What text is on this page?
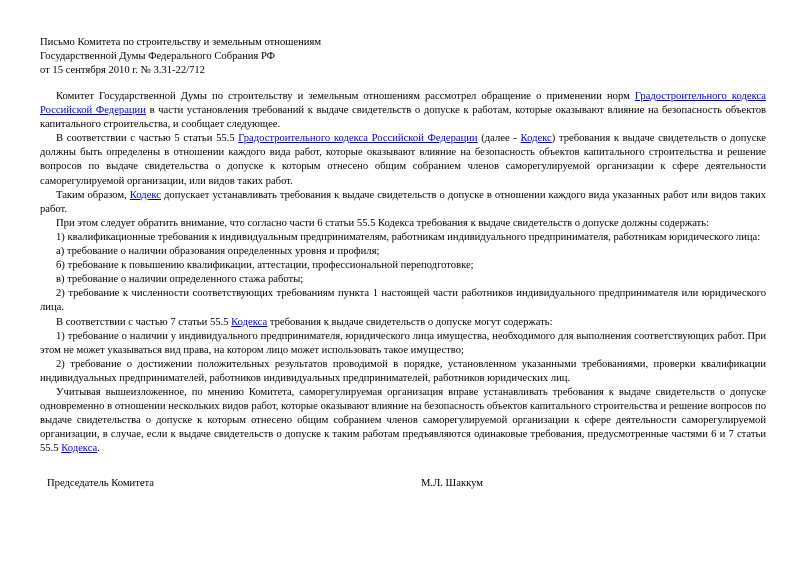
Письмо Комитета по строительству и земельным отношениям
Государственной Думы Федерального Собрания РФ
от 15 сентября 2010 г. № 3.31-22/712

Комитет Государственной Думы по строительству и земельным отношениям рассмотрел обращение о применении норм Градостроительного кодекса Российской Федерации в части установления требований к выдаче свидетельств о допуске к работам, которые оказывают влияние на безопасность объектов капитального строительства, и сообщает следующее.

В соответствии с частью 5 статьи 55.5 Градостроительного кодекса Российской Федерации (далее - Кодекс) требования к выдаче свидетельств о допуске должны быть определены в отношении каждого вида работ, которые оказывают влияние на безопасность объектов капитального строительства и решение вопросов по выдаче свидетельства о допуске к которым отнесено общим собранием членов саморегулируемой организации к сфере деятельности саморегулируемой организации, или видов таких работ.

Таким образом, Кодекс допускает устанавливать требования к выдаче свидетельств о допуске в отношении каждого вида указанных работ или видов таких работ.

При этом следует обратить внимание, что согласно части 6 статьи 55.5 Кодекса требования к выдаче свидетельств о допуске должны содержать:

1) квалификационные требования к индивидуальным предпринимателям, работникам индивидуального предпринимателя, работникам юридического лица:

а) требование о наличии образования определенных уровня и профиля;

б) требование к повышению квалификации, аттестации, профессиональной переподготовке;

в) требование о наличии определенного стажа работы;

2) требование к численности соответствующих требованиям пункта 1 настоящей части работников индивидуального предпринимателя или юридического лица.

В соответствии с частью 7 статьи 55.5 Кодекса требования к выдаче свидетельств о допуске могут содержать:

1) требование о наличии у индивидуального предпринимателя, юридического лица имущества, необходимого для выполнения соответствующих работ. При этом не может указываться вид права, на котором лицо может использовать такое имущество;

2) требование о достижении положительных результатов проводимой в порядке, установленном указанными требованиями, проверки квалификации индивидуальных предпринимателей, работников индивидуальных предпринимателей, работников юридических лиц.

Учитывая вышеизложенное, по мнению Комитета, саморегулируемая организация вправе устанавливать требования к выдаче свидетельств о допуске одновременно в отношении нескольких видов работ, которые оказывают влияние на безопасность объектов капитального строительства и решение вопросов по выдаче свидетельства о допуске к которым отнесено общим собранием членов саморегулируемой организации к сфере деятельности саморегулируемой организации, в случае, если к выдаче свидетельств о допуске к таким работам предъявляются одинаковые требования, предусмотренные частями 6 и 7 статьи 55.5 Кодекса.

Председатель Комитета	М.Л. Шаккум
